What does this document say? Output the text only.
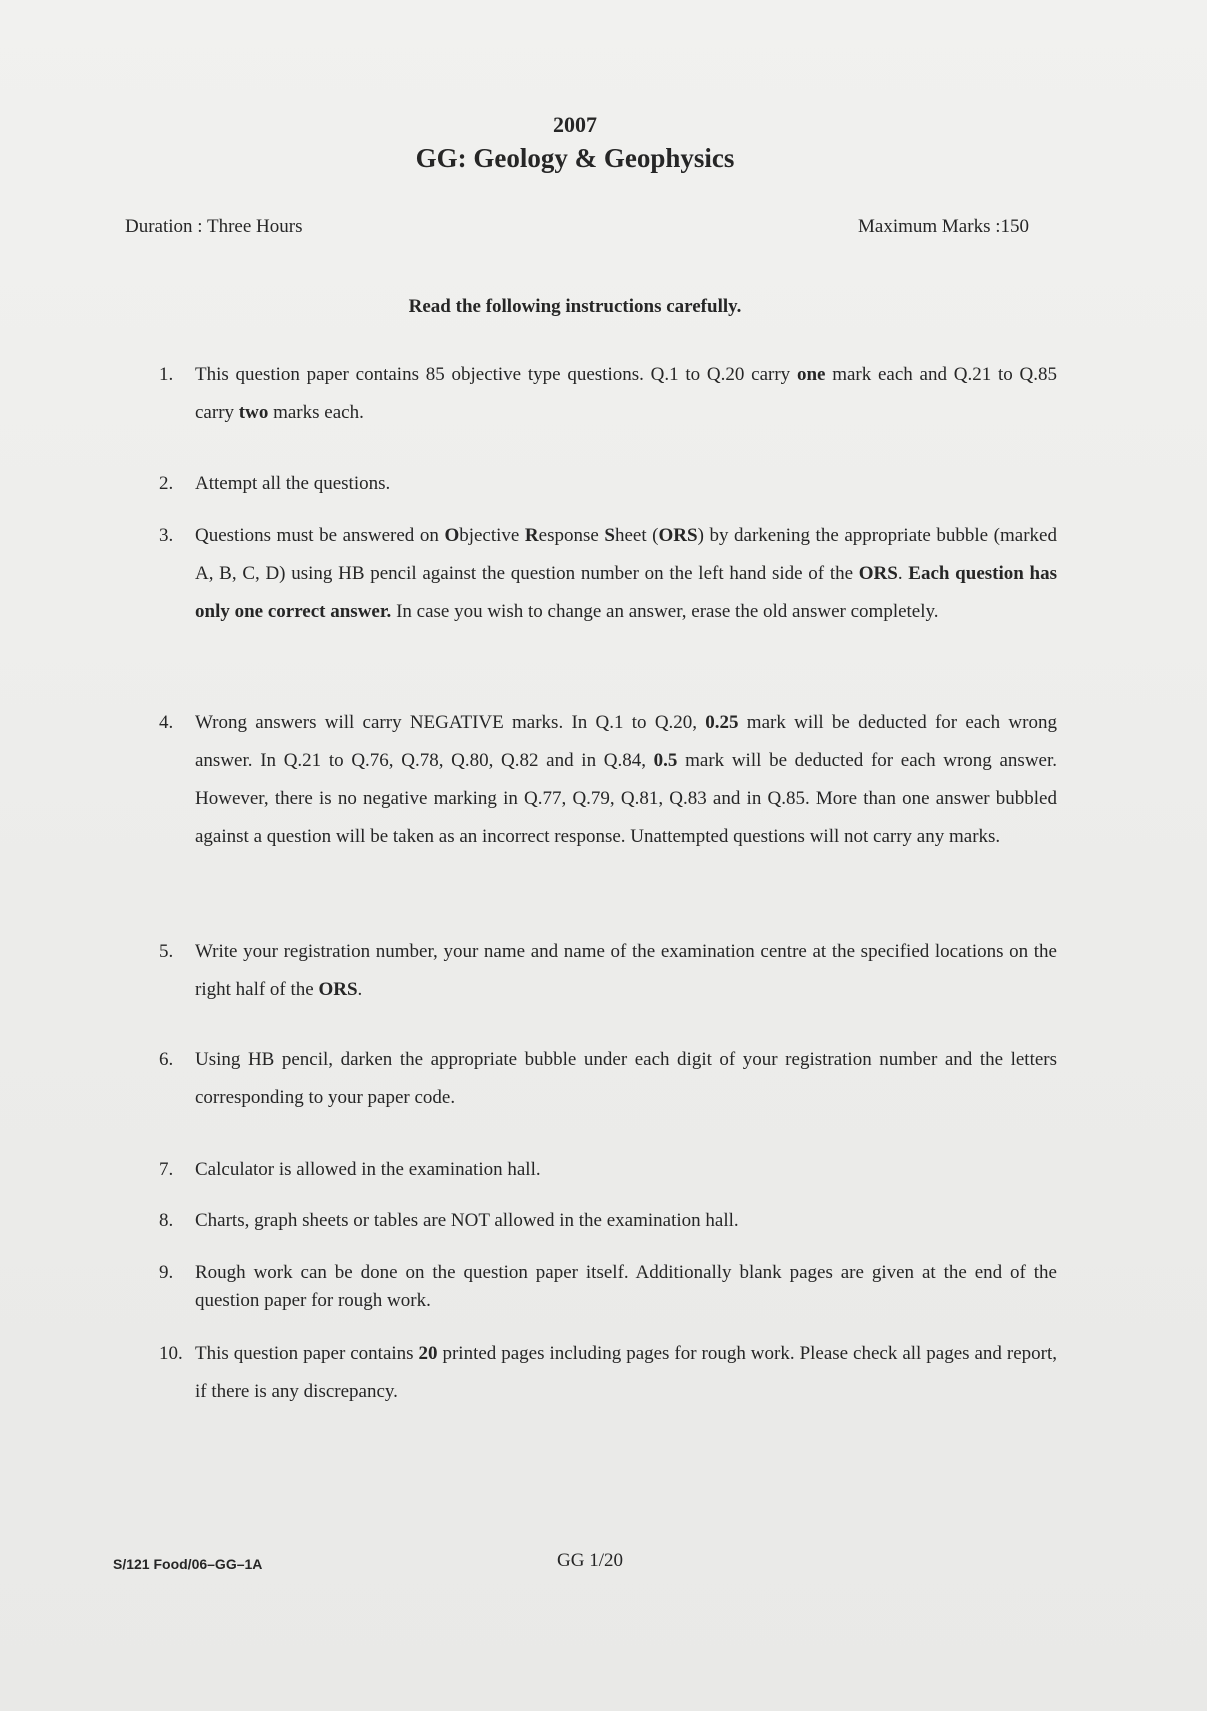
2007
GG: Geology & Geophysics
Duration : Three Hours	Maximum Marks :150
Read the following instructions carefully.
1.	This question paper contains 85 objective type questions. Q.1 to Q.20 carry one mark each and Q.21 to Q.85 carry two marks each.
2.	Attempt all the questions.
3.	Questions must be answered on Objective Response Sheet (ORS) by darkening the appropriate bubble (marked A, B, C, D) using HB pencil against the question number on the left hand side of the ORS. Each question has only one correct answer. In case you wish to change an answer, erase the old answer completely.
4.	Wrong answers will carry NEGATIVE marks. In Q.1 to Q.20, 0.25 mark will be deducted for each wrong answer. In Q.21 to Q.76, Q.78, Q.80, Q.82 and in Q.84, 0.5 mark will be deducted for each wrong answer. However, there is no negative marking in Q.77, Q.79, Q.81, Q.83 and in Q.85. More than one answer bubbled against a question will be taken as an incorrect response. Unattempted questions will not carry any marks.
5.	Write your registration number, your name and name of the examination centre at the specified locations on the right half of the ORS.
6.	Using HB pencil, darken the appropriate bubble under each digit of your registration number and the letters corresponding to your paper code.
7.	Calculator is allowed in the examination hall.
8.	Charts, graph sheets or tables are NOT allowed in the examination hall.
9.	Rough work can be done on the question paper itself. Additionally blank pages are given at the end of the question paper for rough work.
10. This question paper contains 20 printed pages including pages for rough work. Please check all pages and report, if there is any discrepancy.
S/121 Food/06–GG–1A	GG 1/20
